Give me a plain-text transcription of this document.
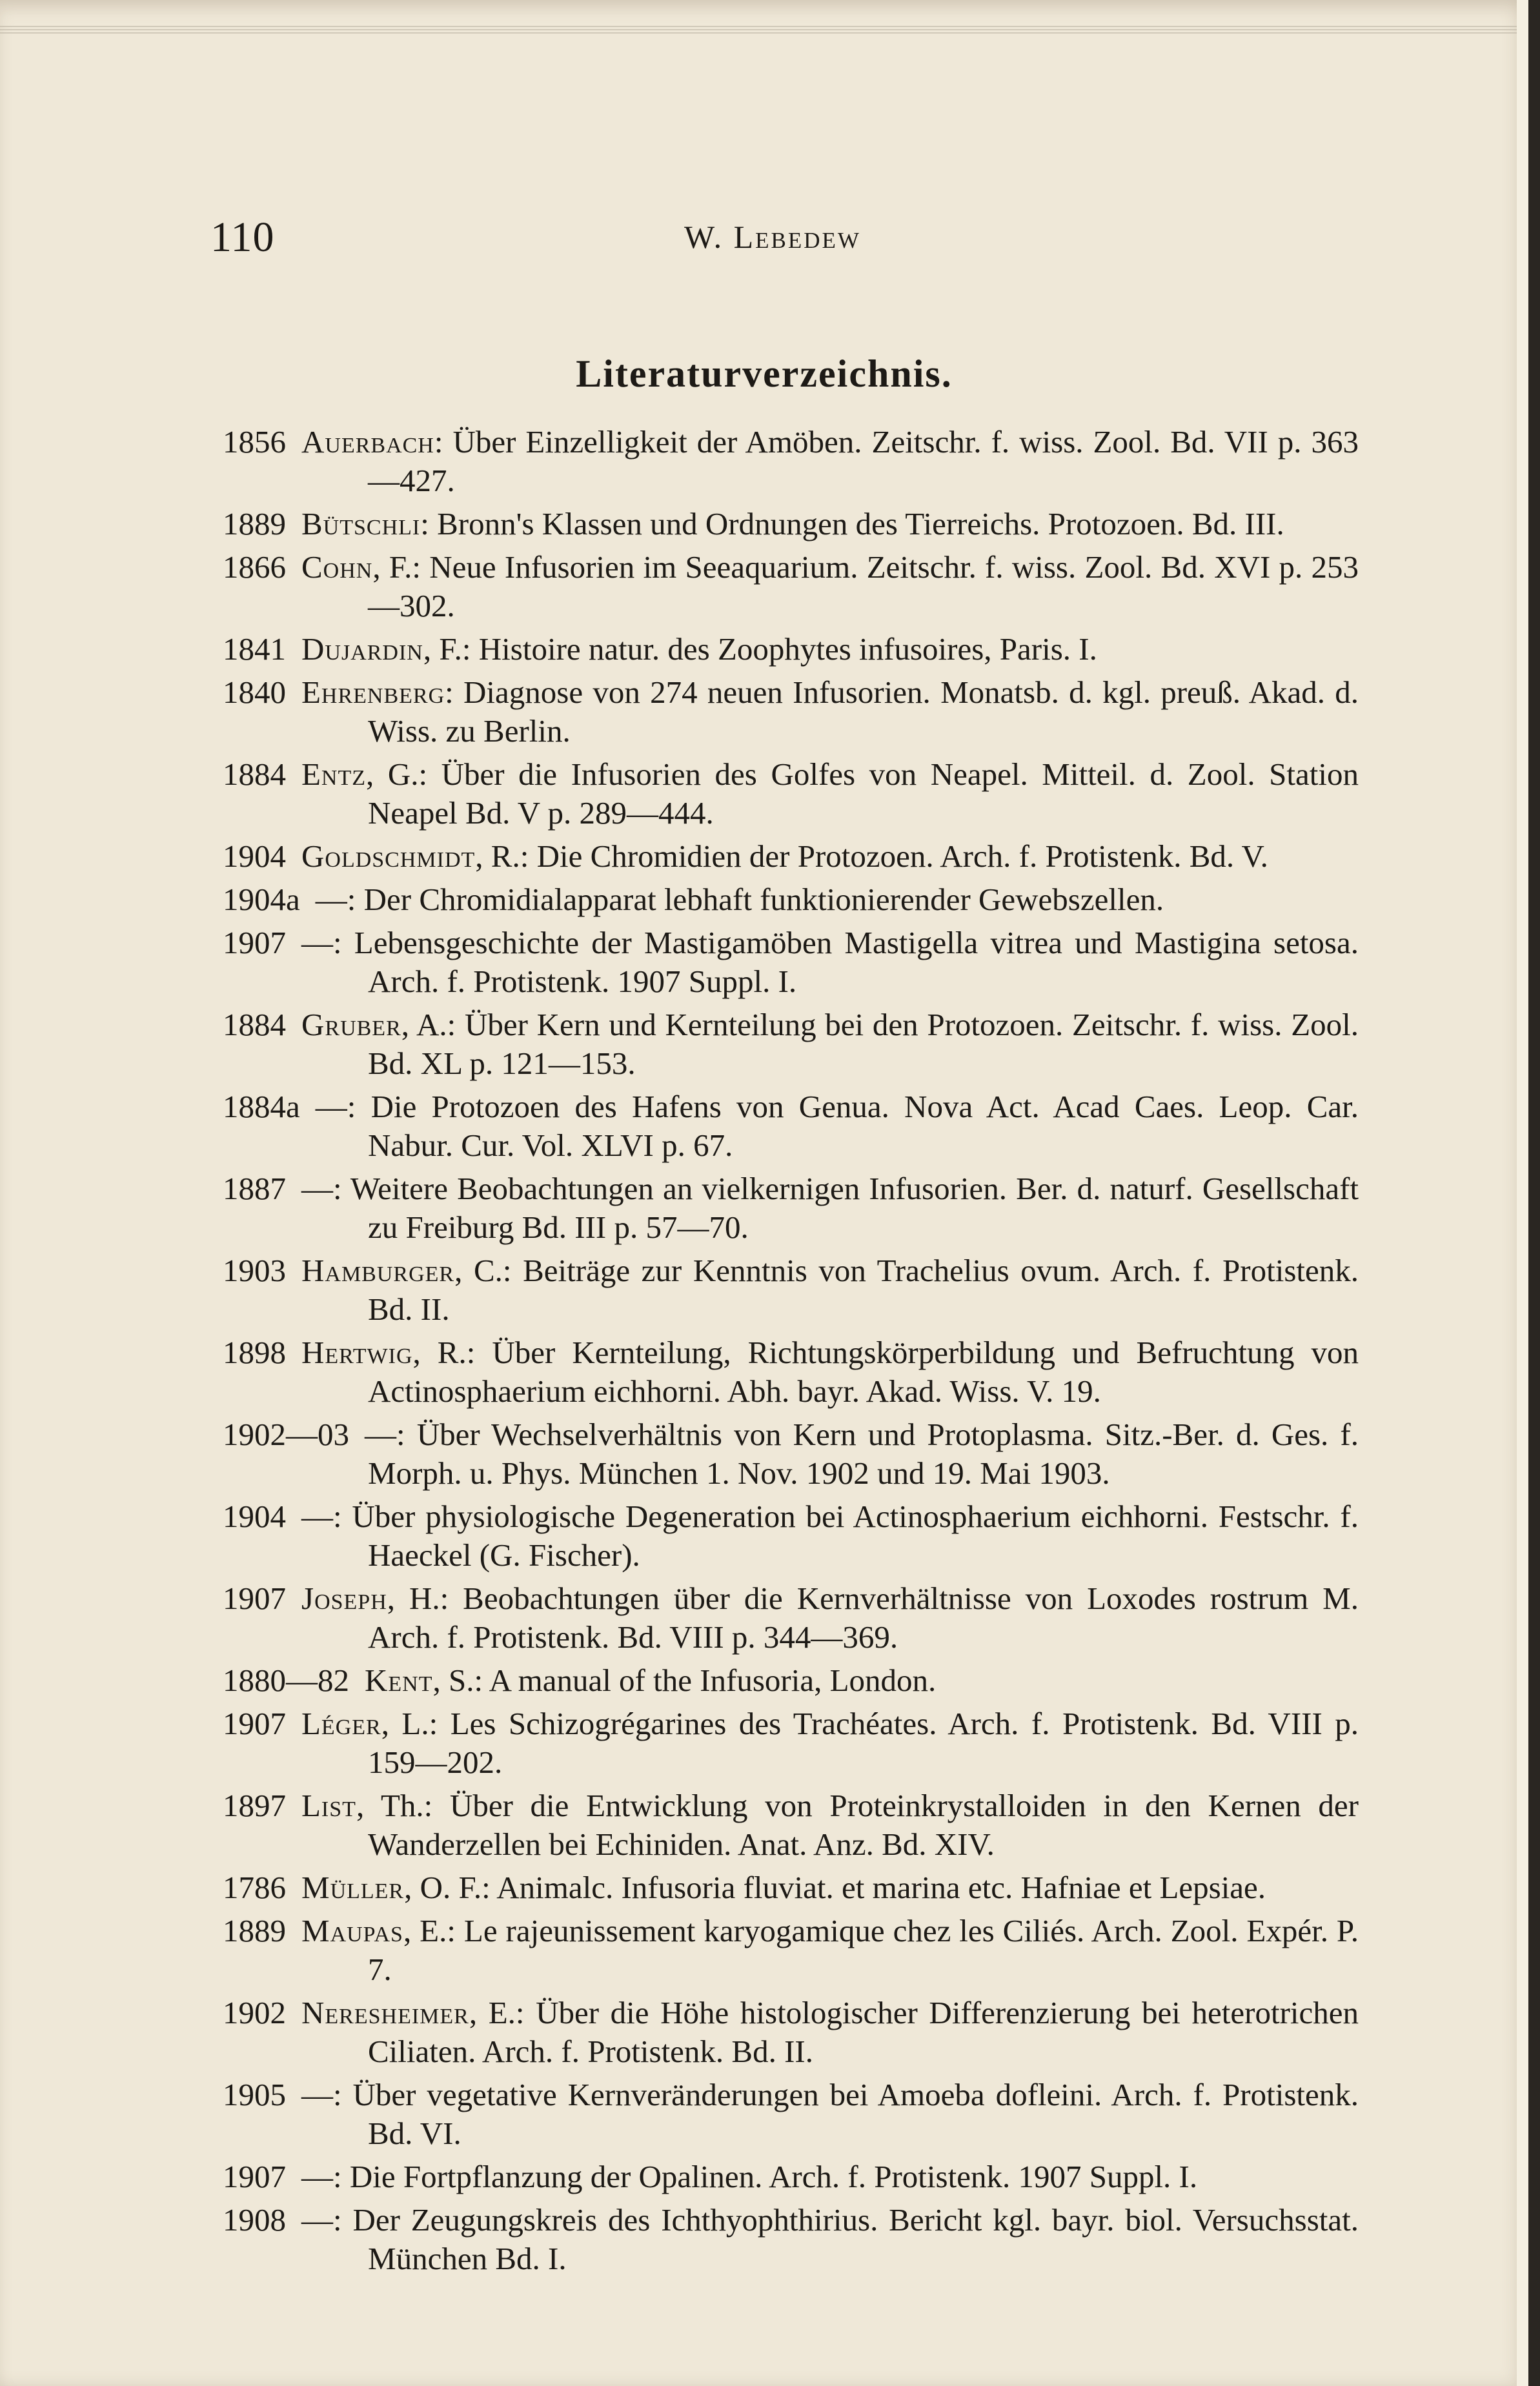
110	W. Lebedew
Literaturverzeichnis.

1856 Auerbach: Über Einzelligkeit der Amöben. Zeitschr. f. wiss. Zool. Bd. VII p. 363—427.

1889 Bütschli: Bronn's Klassen und Ordnungen des Tierreichs. Protozoen. Bd. III.

1866 Cohn, F.: Neue Infusorien im Seeaquarium. Zeitschr. f. wiss. Zool. Bd. XVI p. 253—302.

1841 Dujardin, F.: Histoire natur. des Zoophytes infusoires, Paris. I.

1840 Ehrenberg: Diagnose von 274 neuen Infusorien. Monatsb. d. kgl. preuß. Akad. d. Wiss. zu Berlin.

1884 Entz, G.: Über die Infusorien des Golfes von Neapel. Mitteil. d. Zool. Station Neapel Bd. V p. 289—444.

1904 Goldschmidt, R.: Die Chromidien der Protozoen. Arch. f. Protistenk. Bd. V.

1904a —: Der Chromidialapparat lebhaft funktionierender Gewebszellen.

1907 —: Lebensgeschichte der Mastigamöben Mastigella vitrea und Mastigina setosa. Arch. f. Protistenk. 1907 Suppl. I.

1884 Gruber, A.: Über Kern und Kernteilung bei den Protozoen. Zeitschr. f. wiss. Zool. Bd. XL p. 121—153.

1884a —: Die Protozoen des Hafens von Genua. Nova Act. Acad Caes. Leop. Car. Nabur. Cur. Vol. XLVI p. 67.

1887 —: Weitere Beobachtungen an vielkernigen Infusorien. Ber. d. naturf. Gesellschaft zu Freiburg Bd. III p. 57—70.

1903 Hamburger, C.: Beiträge zur Kenntnis von Trachelius ovum. Arch. f. Protistenk. Bd. II.

1898 Hertwig, R.: Über Kernteilung, Richtungskörperbildung und Befruchtung von Actinosphaerium eichhorni. Abh. bayr. Akad. Wiss. V. 19.

1902—03 —: Über Wechselverhältnis von Kern und Protoplasma. Sitz.-Ber. d. Ges. f. Morph. u. Phys. München 1. Nov. 1902 und 19. Mai 1903.

1904 —: Über physiologische Degeneration bei Actinosphaerium eichhorni. Festschr. f. Haeckel (G. Fischer).

1907 Joseph, H.: Beobachtungen über die Kernverhältnisse von Loxodes rostrum M. Arch. f. Protistenk. Bd. VIII p. 344—369.

1880—82 Kent, S.: A manual of the Infusoria, London.

1907 Léger, L.: Les Schizogrégarines des Trachéates. Arch. f. Protistenk. Bd. VIII p. 159—202.

1897 List, Th.: Über die Entwicklung von Proteinkrystalloiden in den Kernen der Wanderzellen bei Echiniden. Anat. Anz. Bd. XIV.

1786 Müller, O. F.: Animalc. Infusoria fluviat. et marina etc. Hafniae et Lepsiae.

1889 Maupas, E.: Le rajeunissement karyogamique chez les Ciliés. Arch. Zool. Expér. P. 7.

1902 Neresheimer, E.: Über die Höhe histologischer Differenzierung bei heterotrichen Ciliaten. Arch. f. Protistenk. Bd. II.

1905 —: Über vegetative Kernveränderungen bei Amoeba dofleini. Arch. f. Protistenk. Bd. VI.

1907 —: Die Fortpflanzung der Opalinen. Arch. f. Protistenk. 1907 Suppl. I.

1908 —: Der Zeugungskreis des Ichthyophthirius. Bericht kgl. bayr. biol. Versuchsstat. München Bd. I.
